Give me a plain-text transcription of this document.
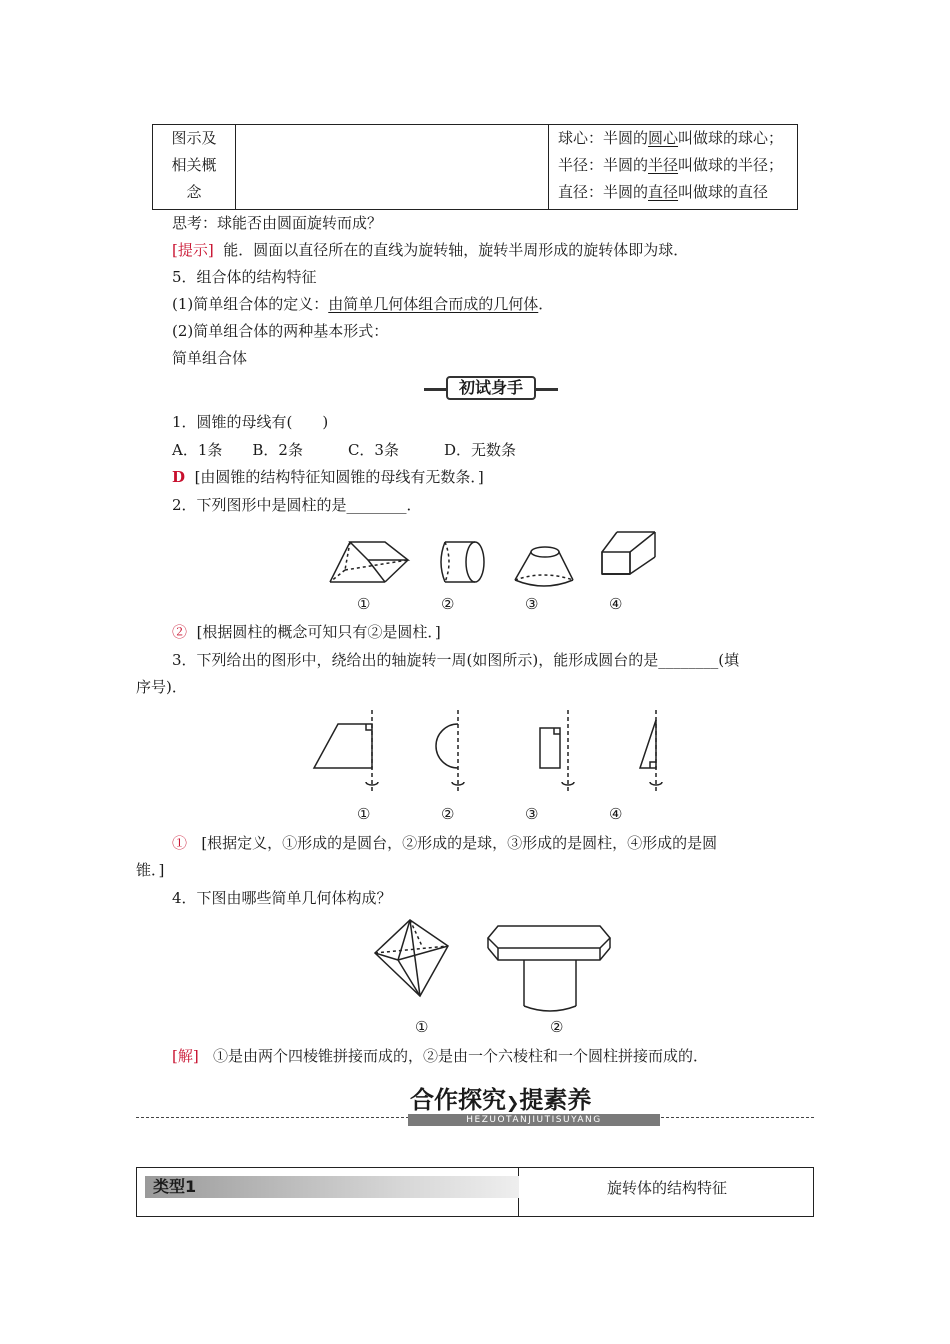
图示及
相关概
念
球心：半圆的圆心叫做球的球心；
半径：半圆的半径叫做球的半径；
直径：半圆的直径叫做球的直径
思考：球能否由圆面旋转而成？
[提示] 能．圆面以直径所在的直线为旋转轴，旋转半周形成的旋转体即为球．
5．组合体的结构特征
(1)简单组合体的定义：由简单几何体组合而成的几何体．
(2)简单组合体的两种基本形式：
简单组合体
初试身手
1．圆锥的母线有(　　)
A．1条　　B．2条　　　C．3条　　　D．无数条
D [由圆锥的结构特征知圆锥的母线有无数条．]
2．下列图形中是圆柱的是________．
①	②	③	④
② [根据圆柱的概念可知只有②是圆柱．]
3．下列给出的图形中，绕给出的轴旋转一周(如图所示)，能形成圆台的是________(填
序号)．
①	②	③	④
① [根据定义，①形成的是圆台，②形成的是球，③形成的是圆柱，④形成的是圆
锥．]
4．下图由哪些简单几何体构成？
①	②
[解] ①是由两个四棱锥拼接而成的，②是由一个六棱柱和一个圆柱拼接而成的．
合作探究❯提素养
HEZUOTANJIUTISUYANG
类型1	旋转体的结构特征
